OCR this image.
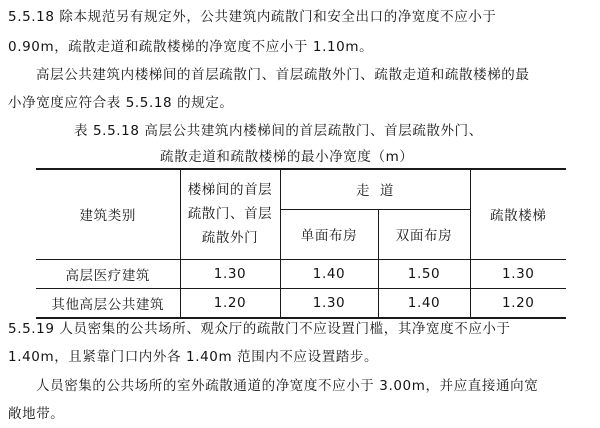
5.5.18 除本规范另有规定外，公共建筑内疏散门和安全出口的净宽度不应小于
0.90m，疏散走道和疏散楼梯的净宽度不应小于 1.10m。
高层公共建筑内楼梯间的首层疏散门、首层疏散外门、疏散走道和疏散楼梯的最
小净宽度应符合表 5.5.18 的规定。
表 5.5.18 高层公共建筑内楼梯间的首层疏散门、首层疏散外门、
疏散走道和疏散楼梯的最小净宽度（m）
建筑类别	楼梯间的首层
疏散门、首层
疏散外门	走  道		疏散楼梯
		单面布房	双面布房	
高层医疗建筑	1.30	1.40	1.50	1.30
其他高层公共建筑	1.20	1.30	1.40	1.20
5.5.19 人员密集的公共场所、观众厅的疏散门不应设置门槛，其净宽度不应小于
1.40m，且紧靠门口内外各 1.40m 范围内不应设置踏步。
人员密集的公共场所的室外疏散通道的净宽度不应小于 3.00m，并应直接通向宽
敞地带。
